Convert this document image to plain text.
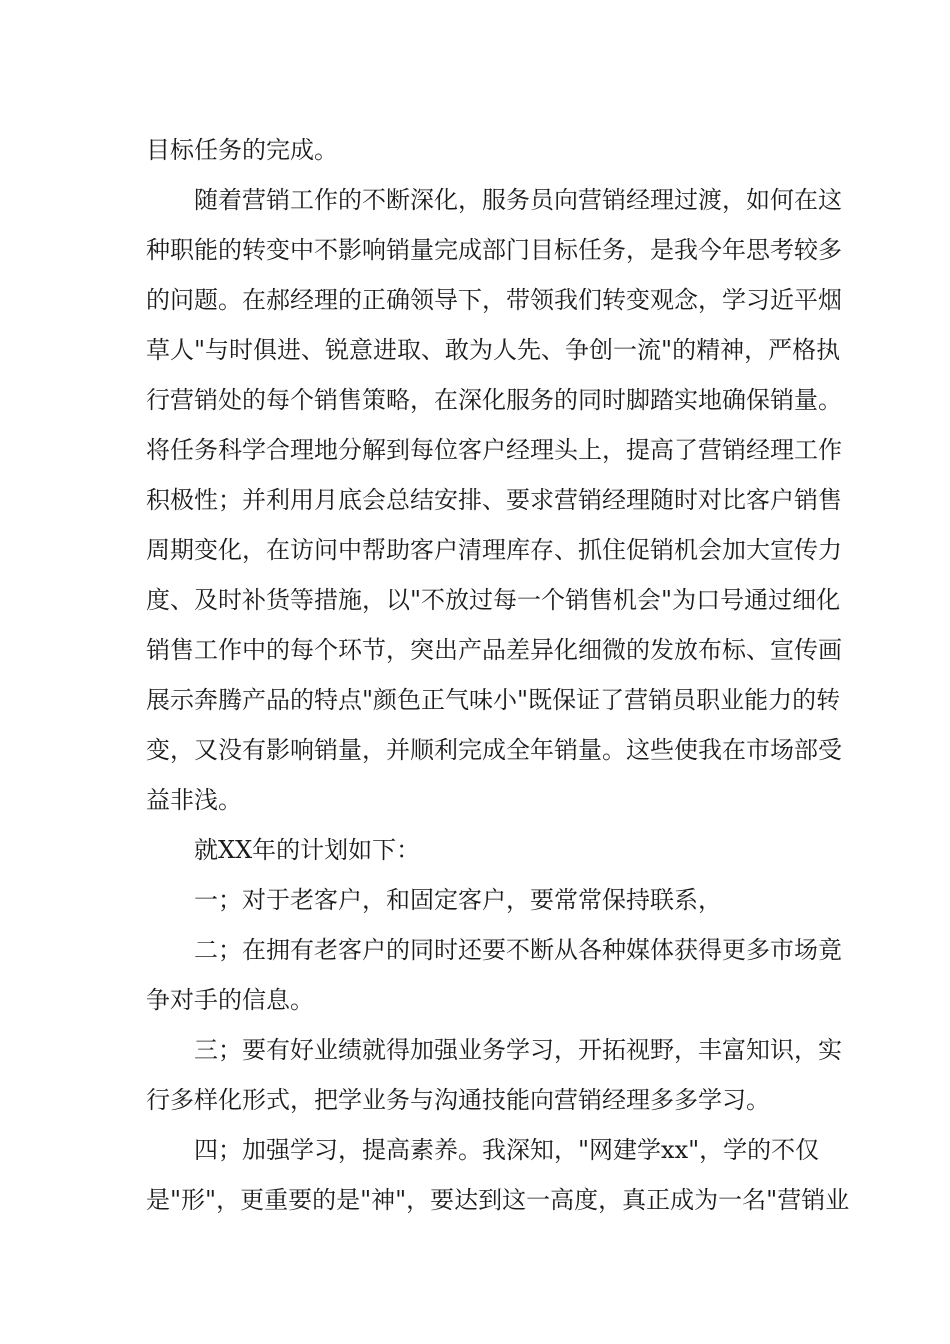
目标任务的完成。

随着营销工作的不断深化，服务员向营销经理过渡，如何在这

种职能的转变中不影响销量完成部门目标任务，是我今年思考较多

的问题。在郝经理的正确领导下，带领我们转变观念，学习近平烟

草人"与时俱进、锐意进取、敢为人先、争创一流"的精神，严格执

行营销处的每个销售策略，在深化服务的同时脚踏实地确保销量。

将任务科学合理地分解到每位客户经理头上，提高了营销经理工作

积极性；并利用月底会总结安排、要求营销经理随时对比客户销售

周期变化，在访问中帮助客户清理库存、抓住促销机会加大宣传力

度、及时补货等措施，以"不放过每一个销售机会"为口号通过细化

销售工作中的每个环节，突出产品差异化细微的发放布标、宣传画

展示奔腾产品的特点"颜色正气味小"既保证了营销员职业能力的转

变，又没有影响销量，并顺利完成全年销量。这些使我在市场部受

益非浅。

就XX年的计划如下：

一；对于老客户，和固定客户，要常常保持联系，

二；在拥有老客户的同时还要不断从各种媒体获得更多市场竟

争对手的信息。

三；要有好业绩就得加强业务学习，开拓视野，丰富知识，实

行多样化形式，把学业务与沟通技能向营销经理多多学习。

四；加强学习，提高素养。我深知，"网建学xx"，学的不仅

是"形"，更重要的是"神"，要达到这一高度，真正成为一名"营销业
